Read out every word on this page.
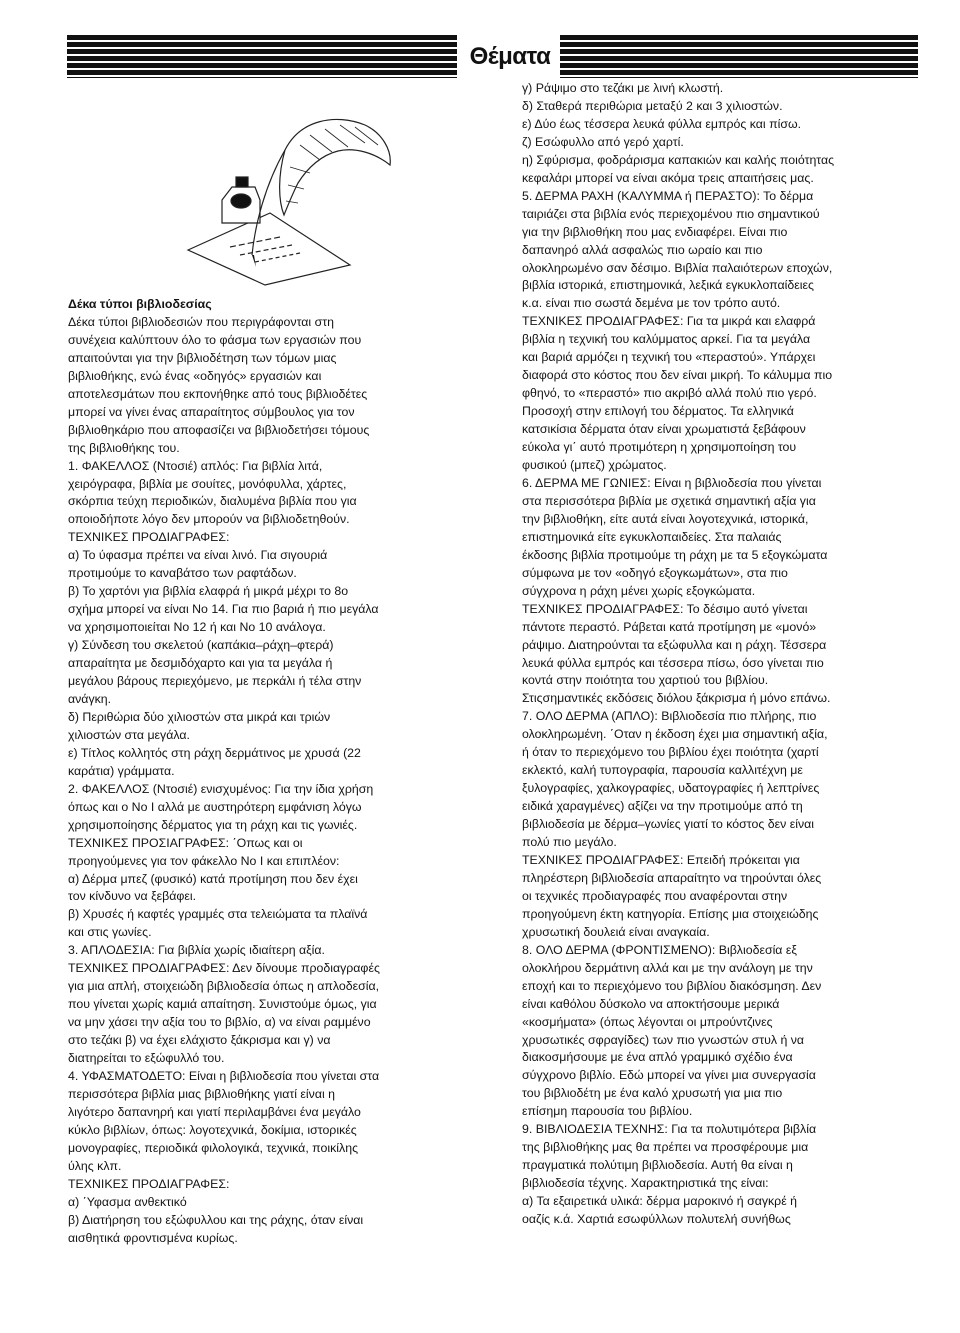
Θέματα

Δέκα τύποι βιβλιοδεσίας

Δέκα τύποι βιβλιοδεσιών που περιγράφονται στη

συνέχεια καλύπτουν όλο το φάσμα των εργασιών που

απαιτούνται για την βιβλιοδέτηση των τόμων μιας

βιβλιοθήκης, ενώ ένας «οδηγός» εργασιών και

αποτελεσμάτων που εκπονήθηκε από τους βιβλιοδέτες

μπορεί να γίνει ένας απαραίτητος σύμβουλος για τον

βιβλιοθηκάριο που αποφασίζει να βιβλιοδετήσει τόμους

της βιβλιοθήκης του.

1. ΦΑΚΕΛΛΟΣ (Ντοσιέ) απλός: Για βιβλία λιτά,

χειρόγραφα, βιβλία με σουίτες, μονόφυλλα, χάρτες,

σκόρπια τεύχη περιοδικών, διαλυμένα βιβλία που για

οποιοδήποτε λόγο δεν μπορούν να βιβλιοδετηθούν.

ΤΕΧΝΙΚΕΣ ΠΡΟΔΙΑΓΡΑΦΕΣ:

α) Το ύφασμα πρέπει να είναι λινό. Για σιγουριά

προτιμούμε το καναβάτσο των ραφτάδων.

β) Το χαρτόνι για βιβλία ελαφρά ή μικρά μέχρι το 8ο

σχήμα μπορεί να είναι Νο 14. Για πιο βαριά ή πιο μεγάλα

να χρησιμοποιείται Νο 12 ή και Νο 10 ανάλογα.

γ) Σύνδεση του σκελετού (καπάκια–ράχη–φτερά)

απαραίτητα με δεσμιδόχαρτο και για τα μεγάλα ή

μεγάλου βάρους περιεχόμενο, με περκάλι ή τέλα στην

ανάγκη.

δ) Περιθώρια δύο χιλιοστών στα μικρά και τριών

χιλιοστών στα μεγάλα.

ε) Τίτλος κολλητός στη ράχη δερμάτινος με χρυσά (22

καράτια) γράμματα.

2. ΦΑΚΕΛΛΟΣ (Ντοσιέ) ενισχυμένος: Για την ίδια χρήση

όπως και ο Νο Ι αλλά με αυστηρότερη εμφάνιση λόγω

χρησιμοποίησης δέρματος για τη ράχη και τις γωνιές.

ΤΕΧΝΙΚΕΣ ΠΡΟΣΙΑΓΡΑΦΕΣ: ΄Οπως και οι

προηγούμενες για τον φάκελλο Νο Ι και επιπλέον:

α) Δέρμα μπεζ (φυσικό) κατά προτίμηση που δεν έχει

τον κίνδυνο να ξεβάφει.

β) Χρυσές ή καφτές γραμμές στα τελειώματα τα πλαϊνά

και στις γωνίες.

3. ΑΠΛΟΔΕΣΙΑ: Για βιβλία χωρίς ιδιαίτερη αξία.

ΤΕΧΝΙΚΕΣ ΠΡΟΔΙΑΓΡΑΦΕΣ: Δεν δίνουμε προδιαγραφές

για μια απλή, στοιχειώδη βιβλιοδεσία όπως η απλοδεσία,

που γίνεται χωρίς καμιά απαίτηση. Συνιστούμε όμως, για

να μην χάσει την αξία του το βιβλίο, α) να είναι ραμμένο

στο τεζάκι β) να έχει ελάχιστο ξάκρισμα και γ) να

διατηρείται το εξώφυλλό του.

4. ΥΦΑΣΜΑΤΟΔΕΤΟ: Είναι η βιβλιοδεσία που γίνεται στα

περισσότερα βιβλία μιας βιβλιοθήκης γιατί είναι η

λιγότερο δαπανηρή και γιατί περιλαμβάνει ένα μεγάλο

κύκλο βιβλίων, όπως: λογοτεχνικά, δοκίμια, ιστορικές

μονογραφίες, περιοδικά φιλολογικά, τεχνικά, ποικίλης

ύλης κλπ.

ΤΕΧΝΙΚΕΣ ΠΡΟΔΙΑΓΡΑΦΕΣ:

α) ΄Υφασμα ανθεκτικό

β) Διατήρηση του εξώφυλλου και της ράχης, όταν είναι

αισθητικά φροντισμένα κυρίως.

γ) Ράψιμο στο τεζάκι με λινή κλωστή.

δ) Σταθερά περιθώρια μεταξύ 2 και 3 χιλιοστών.

ε) Δύο έως τέσσερα λευκά φύλλα εμπρός και πίσω.

ζ) Εσώφυλλο από γερό χαρτί.

η) Σφύρισμα, φοδράρισμα καπακιών και καλής ποιότητας

κεφαλάρι μπορεί να είναι ακόμα τρεις απαιτήσεις μας.

5. ΔΕΡΜΑ ΡΑΧΗ (ΚΑΛΥΜΜΑ ή ΠΕΡΑΣΤΟ): Το δέρμα

ταιριάζει στα βιβλία ενός περιεχομένου πιο σημαντικού

για την βιβλιοθήκη που μας ενδιαφέρει. Είναι πιο

δαπανηρό αλλά ασφαλώς πιο ωραίο και πιο

ολοκληρωμένο σαν δέσιμο. Βιβλία παλαιότερων εποχών,

βιβλία ιστορικά, επιστημονικά, λεξικά εγκυκλοπαίδειες

κ.α. είναι πιο σωστά δεμένα με τον τρόπο αυτό.

ΤΕΧΝΙΚΕΣ ΠΡΟΔΙΑΓΡΑΦΕΣ: Για τα μικρά και ελαφρά

βιβλία η τεχνική του καλύμματος αρκεί. Για τα μεγάλα

και βαριά αρμόζει η τεχνική του «περαστού». Υπάρχει

διαφορά στο κόστος που δεν είναι μικρή. Το κάλυμμα πιο

φθηνό, το «περαστό» πιο ακριβό αλλά πολύ πιο γερό.

Προσοχή στην επιλογή του δέρματος. Τα ελληνικά

κατσικίσια δέρματα όταν είναι χρωματιστά ξεβάφουν

εύκολα γι΄ αυτό προτιμότερη η χρησιμοποίηση του

φυσικού (μπεζ) χρώματος.

6. ΔΕΡΜΑ ΜΕ ΓΩΝΙΕΣ: Είναι η βιβλιοδεσία που γίνεται

στα περισσότερα βιβλία με σχετικά σημαντική αξία για

την βιβλιοθήκη, είτε αυτά είναι λογοτεχνικά, ιστορικά,

επιστημονικά είτε εγκυκλοπαιδείες. Στα παλαιάς

έκδοσης βιβλία προτιμούμε τη ράχη με τα 5 εξογκώματα

σύμφωνα με τον «οδηγό εξογκωμάτων», στα πιο

σύγχρονα η ράχη μένει χωρίς εξογκώματα.

ΤΕΧΝΙΚΕΣ ΠΡΟΔΙΑΓΡΑΦΕΣ: Το δέσιμο αυτό γίνεται

πάντοτε περαστό. Ράβεται κατά προτίμηση με «μονό»

ράψιμο. Διατηρούνται τα εξώφυλλα και η ράχη. Τέσσερα

λευκά φύλλα εμπρός και τέσσερα πίσω, όσο γίνεται πιο

κοντά στην ποιότητα του χαρτιού του βιβλίου.

Στιςσημαντικές εκδόσεις διόλου ξάκρισμα ή μόνο επάνω.

7. ΟΛΟ ΔΕΡΜΑ (ΑΠΛΟ): Βιβλιοδεσία πιο πλήρης, πιο

ολοκληρωμένη. ΄Οταν η έκδοση έχει μια σημαντική αξία,

ή όταν το περιεχόμενο του βιβλίου έχει ποιότητα (χαρτί

εκλεκτό, καλή τυπογραφία, παρουσία καλλιτέχνη με

ξυλογραφίες, χαλκογραφίες, υδατογραφίες ή λεπτρίνες

ειδικά χαραγμένες) αξίζει να την προτιμούμε από τη

βιβλιοδεσία με δέρμα–γωνίες γιατί το κόστος δεν είναι

πολύ πιο μεγάλο.

ΤΕΧΝΙΚΕΣ ΠΡΟΔΙΑΓΡΑΦΕΣ: Επειδή πρόκειται για

πληρέστερη βιβλιοδεσία απαραίτητο να τηρούνται όλες

οι τεχνικές προδιαγραφές που αναφέρονται στην

προηγούμενη έκτη κατηγορία. Επίσης μια στοιχειώδης

χρυσωτική δουλειά είναι αναγκαία.

8. ΟΛΟ ΔΕΡΜΑ (ΦΡΟΝΤΙΣΜΕΝΟ): Βιβλιοδεσία εξ

ολοκλήρου δερμάτινη αλλά και με την ανάλογη με την

εποχή και το περιεχόμενο του βιβλίου διακόσμηση. Δεν

είναι καθόλου δύσκολο να αποκτήσουμε μερικά

«κοσμήματα» (όπως λέγονται οι μπρούντζινες

χρυσωτικές σφραγίδες) των πιο γνωστών στυλ ή να

διακοσμήσουμε με ένα απλό γραμμικό σχέδιο ένα

σύγχρονο βιβλίο. Εδώ μπορεί να γίνει μια συνεργασία

του βιβλιοδέτη με ένα καλό χρυσωτή για μια πιο

επίσημη παρουσία του βιβλίου.

9. ΒΙΒΛΙΟΔΕΣΙΑ ΤΕΧΝΗΣ: Για τα πολυτιμότερα βιβλία

της βιβλιοθήκης μας θα πρέπει να προσφέρουμε μια

πραγματικά πολύτιμη βιβλιοδεσία. Αυτή θα είναι η

βιβλιοδεσία τέχνης. Χαρακτηριστικά της είναι:

α) Τα εξαιρετικά υλικά: δέρμα μαροκινό ή σαγκρέ ή

οαζίς κ.ά. Χαρτιά εσωφύλλων πολυτελή συνήθως
